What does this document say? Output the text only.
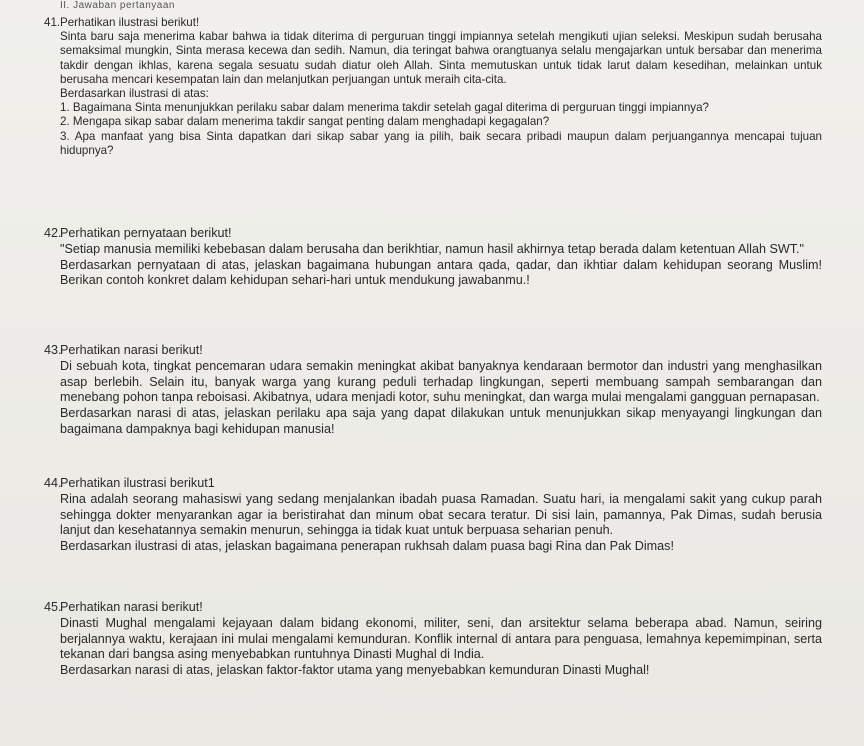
II. Jawaban pertanyaan
41. Perhatikan ilustrasi berikut!

Sinta baru saja menerima kabar bahwa ia tidak diterima di perguruan tinggi impiannya setelah mengikuti ujian seleksi. Meskipun sudah berusaha semaksimal mungkin, Sinta merasa kecewa dan sedih. Namun, dia teringat bahwa orangtuanya selalu mengajarkan untuk bersabar dan menerima takdir dengan ikhlas, karena segala sesuatu sudah diatur oleh Allah. Sinta memutuskan untuk tidak larut dalam kesedihan, melainkan untuk berusaha mencari kesempatan lain dan melanjutkan perjuangan untuk meraih cita-cita.

Berdasarkan ilustrasi di atas:

1. Bagaimana Sinta menunjukkan perilaku sabar dalam menerima takdir setelah gagal diterima di perguruan tinggi impiannya?
2. Mengapa sikap sabar dalam menerima takdir sangat penting dalam menghadapi kegagalan?
3. Apa manfaat yang bisa Sinta dapatkan dari sikap sabar yang ia pilih, baik secara pribadi maupun dalam perjuangannya mencapai tujuan hidupnya?
42.

Perhatikan pernyataan berikut!

"Setiap manusia memiliki kebebasan dalam berusaha dan berikhtiar, namun hasil akhirnya tetap berada dalam ketentuan Allah SWT."

Berdasarkan pernyataan di atas, jelaskan bagaimana hubungan antara qada, qadar, dan ikhtiar dalam kehidupan seorang Muslim! Berikan contoh konkret dalam kehidupan sehari-hari untuk mendukung jawabanmu.!

43.

Perhatikan narasi berikut!

Di sebuah kota, tingkat pencemaran udara semakin meningkat akibat banyaknya kendaraan bermotor dan industri yang menghasilkan asap berlebih. Selain itu, banyak warga yang kurang peduli terhadap lingkungan, seperti membuang sampah sembarangan dan menebang pohon tanpa reboisasi. Akibatnya, udara menjadi kotor, suhu meningkat, dan warga mulai mengalami gangguan pernapasan.

Berdasarkan narasi di atas, jelaskan perilaku apa saja yang dapat dilakukan untuk menunjukkan sikap menyayangi lingkungan dan bagaimana dampaknya bagi kehidupan manusia!

44.

Perhatikan ilustrasi berikut1

Rina adalah seorang mahasiswi yang sedang menjalankan ibadah puasa Ramadan. Suatu hari, ia mengalami sakit yang cukup parah sehingga dokter menyarankan agar ia beristirahat dan minum obat secara teratur. Di sisi lain, pamannya, Pak Dimas, sudah berusia lanjut dan kesehatannya semakin menurun, sehingga ia tidak kuat untuk berpuasa seharian penuh.

Berdasarkan ilustrasi di atas, jelaskan bagaimana penerapan rukhsah dalam puasa bagi Rina dan Pak Dimas!

45.

Perhatikan narasi berikut!

Dinasti Mughal mengalami kejayaan dalam bidang ekonomi, militer, seni, dan arsitektur selama beberapa abad. Namun, seiring berjalannya waktu, kerajaan ini mulai mengalami kemunduran. Konflik internal di antara para penguasa, lemahnya kepemimpinan, serta tekanan dari bangsa asing menyebabkan runtuhnya Dinasti Mughal di India.

Berdasarkan narasi di atas, jelaskan faktor-faktor utama yang menyebabkan kemunduran Dinasti Mughal!
